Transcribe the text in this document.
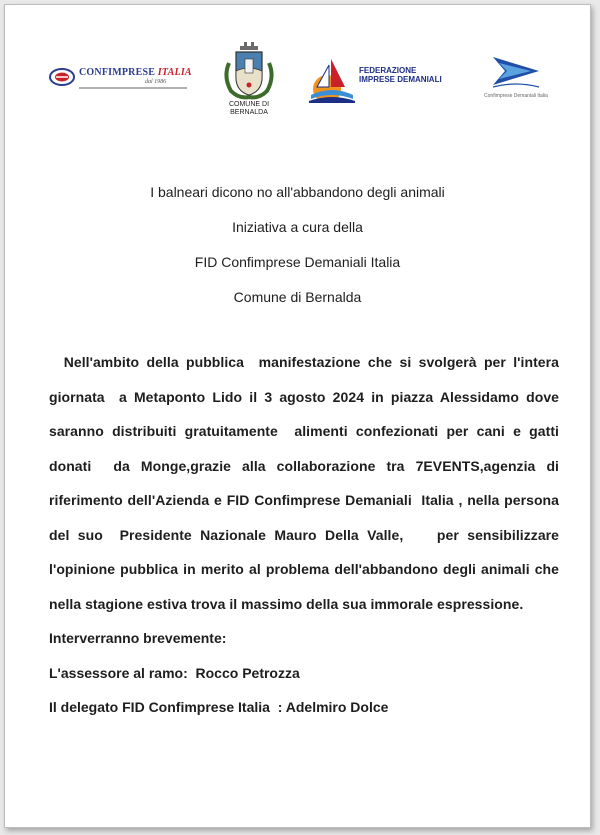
CONFIMPRESE ITALIA
dal 1986
COMUNE DI
BERNALDA
FEDERAZIONE
IMPRESE DEMANIALI
Confimprese Demaniali Italia
I balneari dicono no all'abbandono degli animali
Iniziativa a cura della
FID Confimprese Demaniali Italia
Comune di Bernalda

Nell'ambito della pubblica  manifestazione che si svolgerà per l'intera giornata  a Metaponto Lido il 3 agosto 2024 in piazza Alessidamo dove   saranno distribuiti gratuitamente  alimenti confezionati per cani e gatti donati  da Monge,grazie alla collaborazione tra 7EVENTS,agenzia di riferimento dell'Azienda e FID Confimprese Demaniali  Italia , nella persona del suo  Presidente Nazionale Mauro Della Valle,    per sensibilizzare l'opinione pubblica in merito al problema dell'abbandono degli animali che nella stagione estiva trova il massimo della sua immorale espressione.

Interverranno brevemente:

L'assessore al ramo:  Rocco Petrozza

Il delegato FID Confimprese Italia  : Adelmiro Dolce
